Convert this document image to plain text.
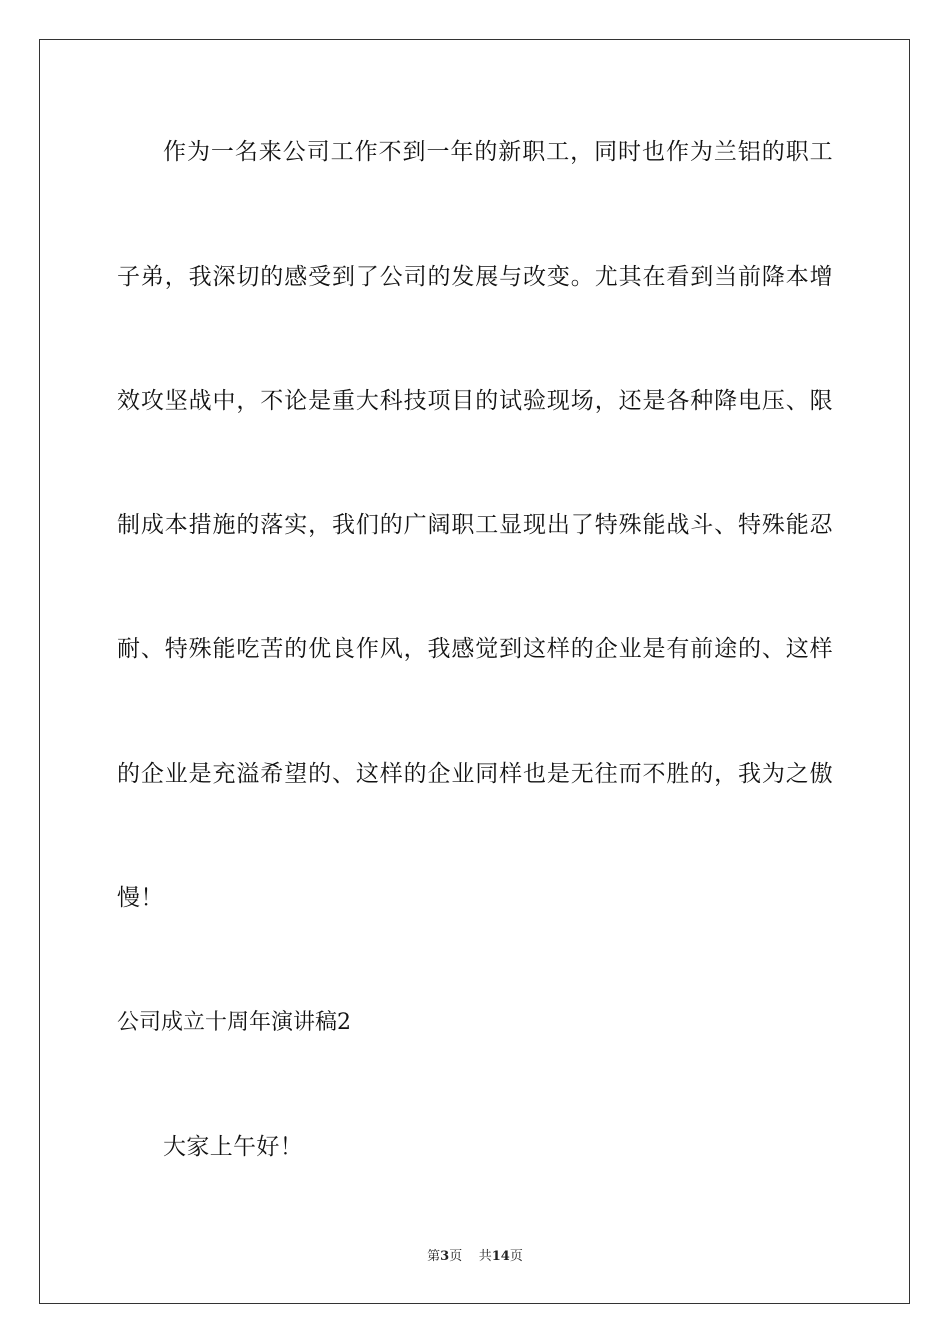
作为一名来公司工作不到一年的新职工，同时也作为兰铝的职工
子弟，我深切的感受到了公司的发展与改变。尤其在看到当前降本增
效攻坚战中，不论是重大科技项目的试验现场，还是各种降电压、限
制成本措施的落实，我们的广阔职工显现出了特殊能战斗、特殊能忍
耐、特殊能吃苦的优良作风，我感觉到这样的企业是有前途的、这样
的企业是充溢希望的、这样的企业同样也是无往而不胜的，我为之傲
慢！
公司成立十周年演讲稿2
大家上午好！
第3页 共14页
